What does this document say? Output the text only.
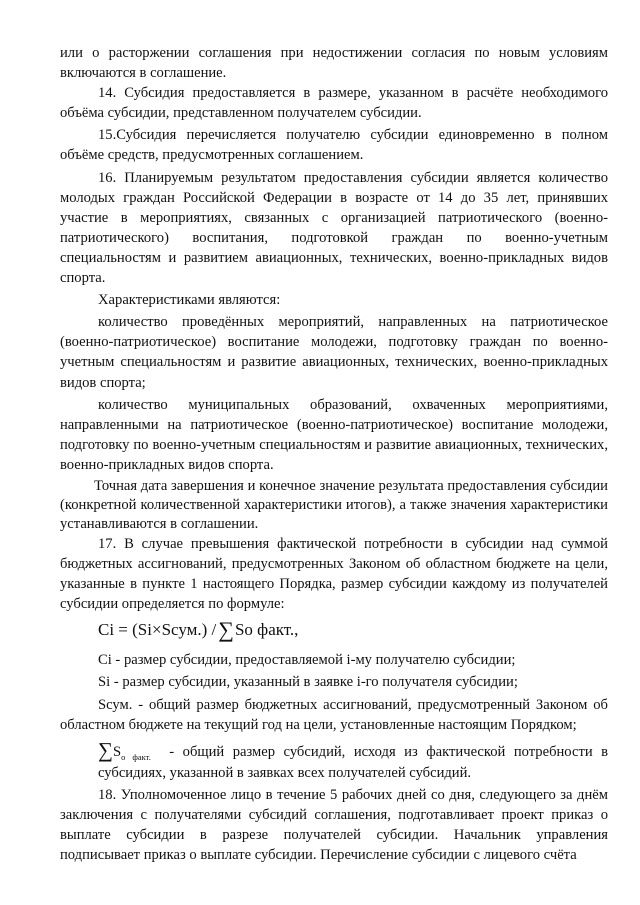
или о расторжении соглашения при недостижении согласия по новым условиям включаются в соглашение.

14. Субсидия предоставляется в размере, указанном в расчёте необходимого объёма субсидии, представленном получателем субсидии.

15.Субсидия перечисляется получателю субсидии единовременно в полном объёме средств, предусмотренных соглашением.

16. Планируемым результатом предоставления субсидии является количество молодых граждан Российской Федерации в возрасте от 14 до 35 лет, принявших участие в мероприятиях, связанных с организацией патриотического (военно-патриотического) воспитания, подготовкой граждан по военно-учетным специальностям и развитием авиационных, технических, военно-прикладных видов спорта.

Характеристиками являются:

количество проведённых мероприятий, направленных на патриотическое (военно-патриотическое) воспитание молодежи, подготовку граждан по военно-учетным специальностям и развитие авиационных, технических, военно-прикладных видов спорта;

количество муниципальных образований, охваченных мероприятиями, направленными на патриотическое (военно-патриотическое) воспитание молодежи, подготовку по военно-учетным специальностям и развитие авиационных, технических, военно-прикладных видов спорта.

Точная дата завершения и конечное значение результата предоставления субсидии (конкретной количественной характеристики итогов), а также значения характеристики устанавливаются в соглашении.

17. В случае превышения фактической потребности в субсидии над суммой бюджетных ассигнований, предусмотренных Законом об областном бюджете на цели, указанные в пункте 1 настоящего Порядка, размер субсидии каждому из получателей субсидии определяется по формуле:

Ci = (Si×Sсум.) / ∑ So факт.,

Ci - размер субсидии, предоставляемой i-му получателю субсидии;

Si - размер субсидии, указанный в заявке i-го получателя субсидии;

Sсум. - общий размер бюджетных ассигнований, предусмотренный Законом об областном бюджете на текущий год на цели, установленные настоящим Порядком;

$\sum S_{o факт.}$ - общий размер субсидий, исходя из фактической потребности в субсидиях, указанной в заявках всех получателей субсидий.

18. Уполномоченное лицо в течение 5 рабочих дней со дня, следующего за днём заключения с получателями субсидий соглашения, подготавливает проект приказ о выплате субсидии в разрезе получателей субсидии. Начальник управления подписывает приказ о выплате субсидии. Перечисление субсидии с лицевого счёта
